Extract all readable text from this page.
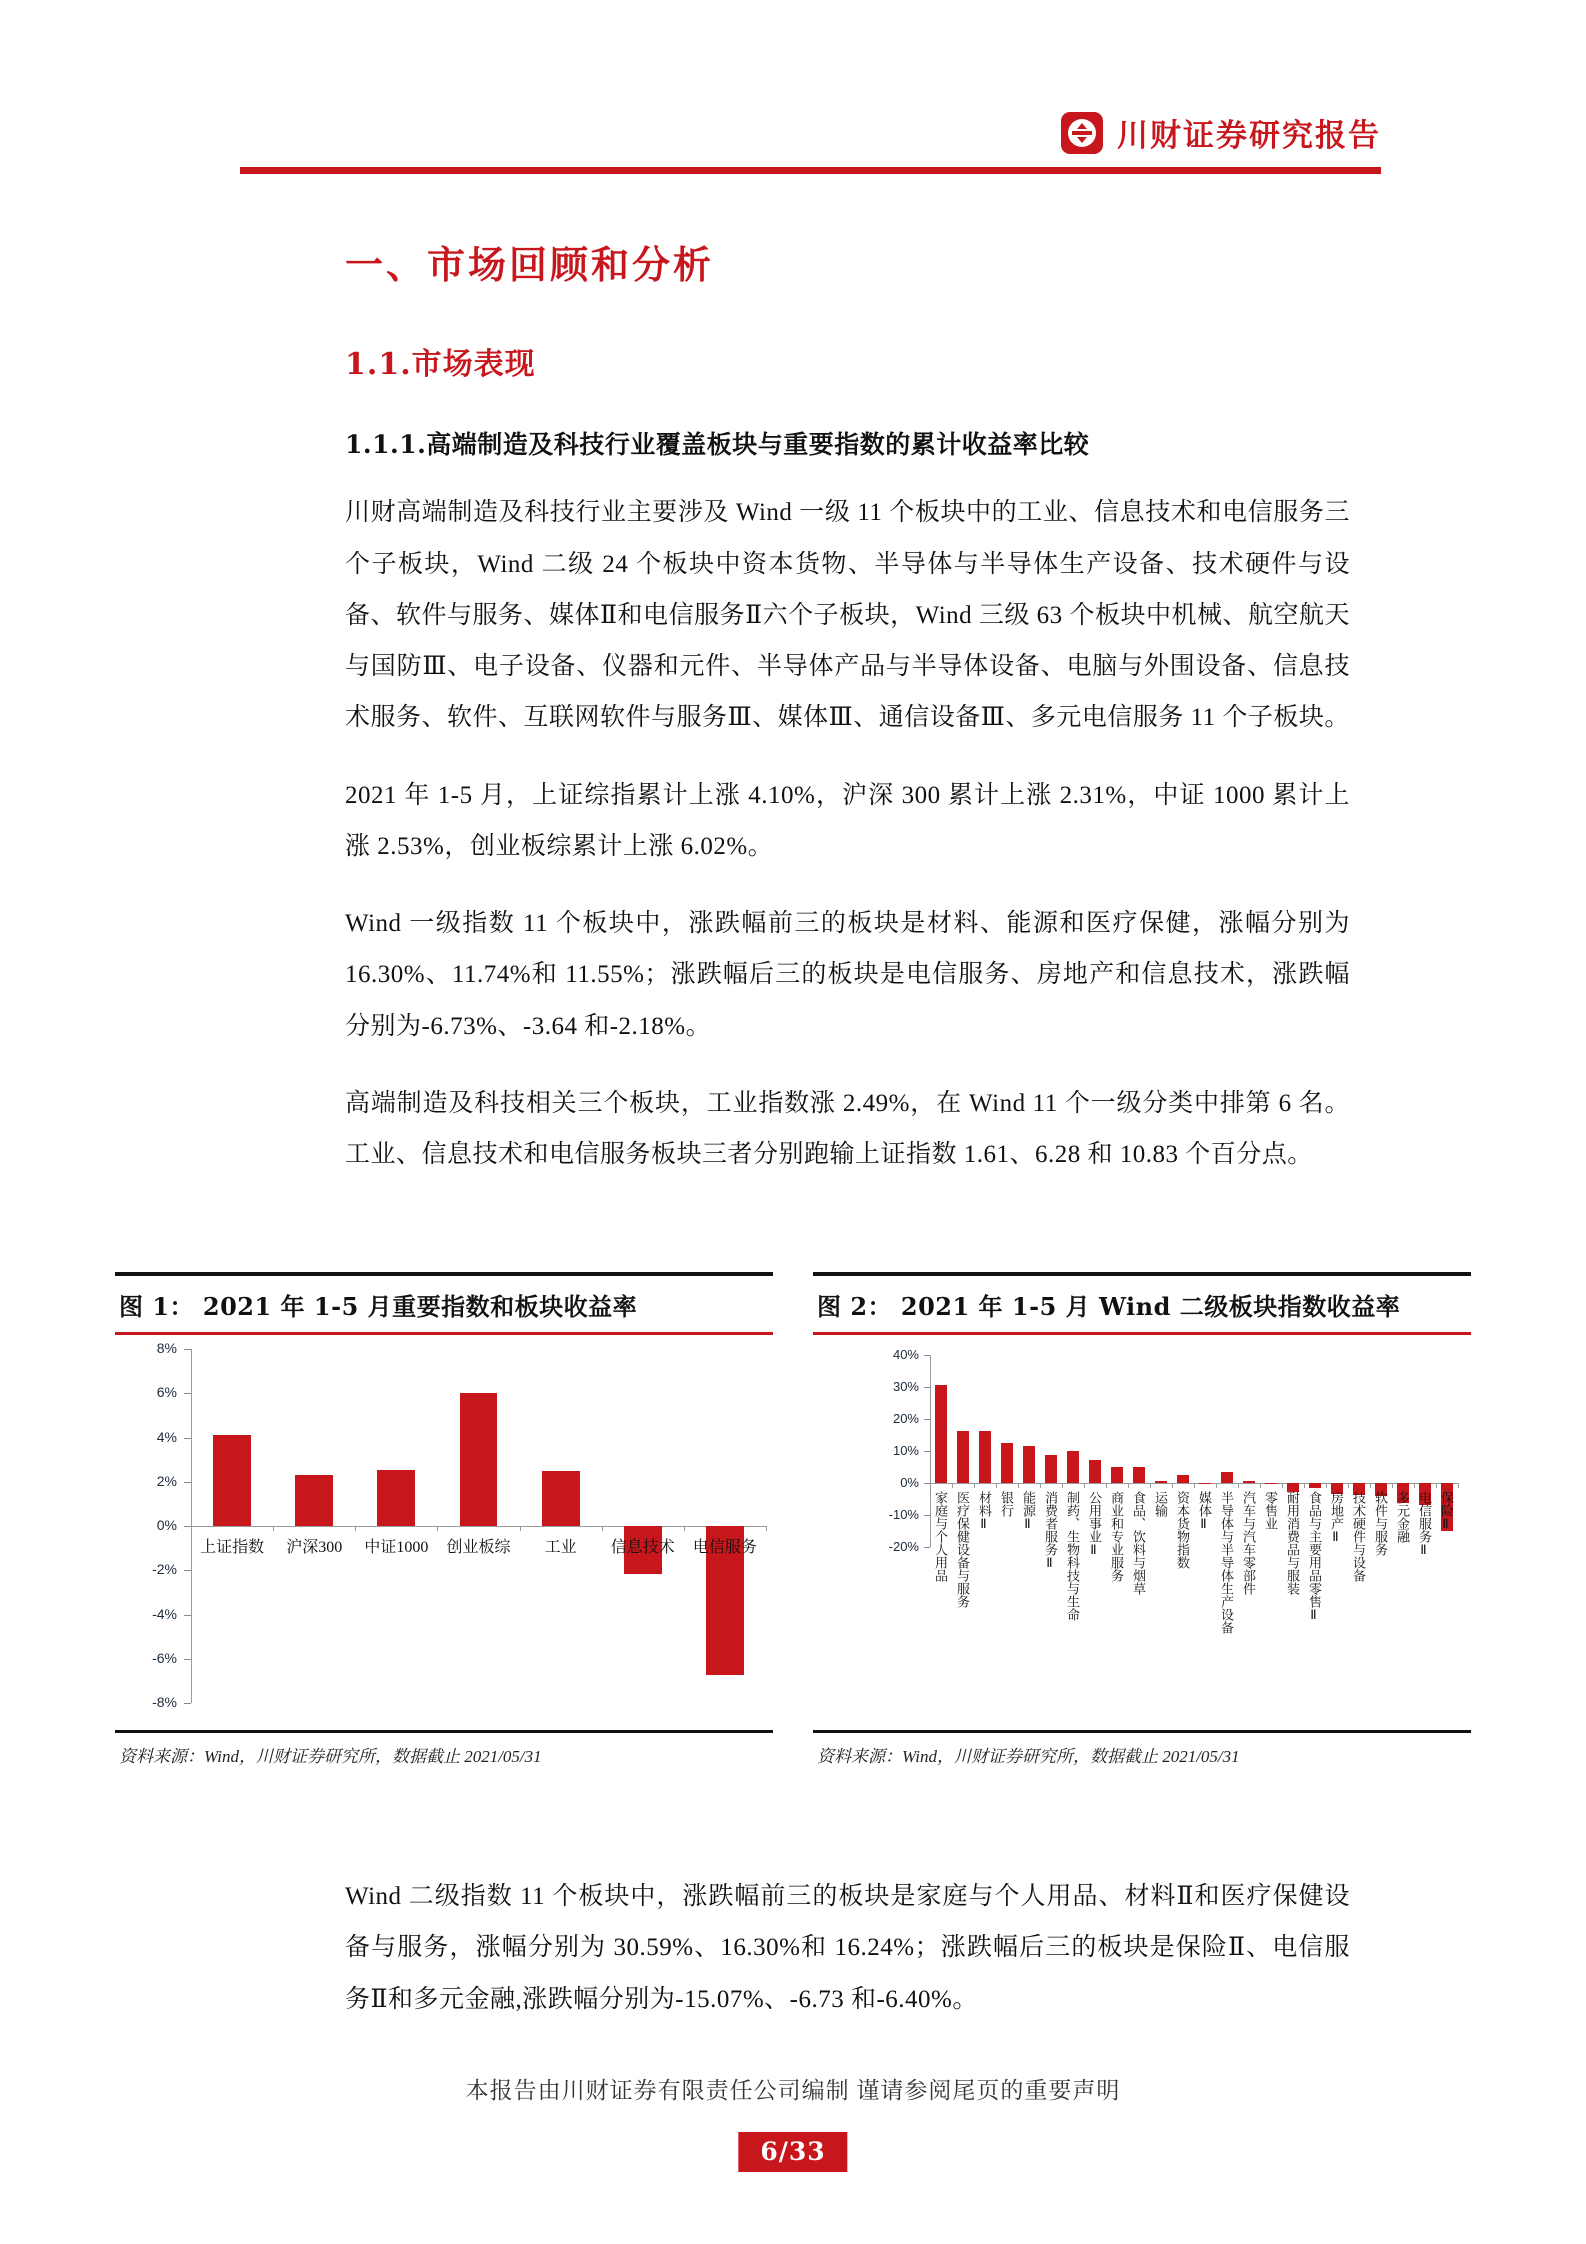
川财证券研究报告
一、市场回顾和分析
1.1.市场表现
1.1.1.高端制造及科技行业覆盖板块与重要指数的累计收益率比较

川财高端制造及科技行业主要涉及 Wind 一级 11 个板块中的工业、信息技术和电信服务三个子板块，Wind 二级 24 个板块中资本货物、半导体与半导体生产设备、技术硬件与设备、软件与服务、媒体Ⅱ和电信服务Ⅱ六个子板块，Wind 三级 63 个板块中机械、航空航天与国防Ⅲ、电子设备、仪器和元件、半导体产品与半导体设备、电脑与外围设备、信息技术服务、软件、互联网软件与服务Ⅲ、媒体Ⅲ、通信设备Ⅲ、多元电信服务 11 个子板块。

2021 年 1-5 月，上证综指累计上涨 4.10%，沪深 300 累计上涨 2.31%，中证 1000 累计上涨 2.53%，创业板综累计上涨 6.02%。

Wind 一级指数 11 个板块中，涨跌幅前三的板块是材料、能源和医疗保健，涨幅分别为 16.30%、11.74%和 11.55%；涨跌幅后三的板块是电信服务、房地产和信息技术，涨跌幅分别为-6.73%、-3.64 和-2.18%。

高端制造及科技相关三个板块，工业指数涨 2.49%，在 Wind 11 个一级分类中排第 6 名。工业、信息技术和电信服务板块三者分别跑输上证指数 1.61、6.28 和 10.83 个百分点。

图 1： 2021 年 1-5 月重要指数和板块收益率
8%
6%
4%
2%
0%
-2%
-4%
-6%
-8%
上证指数	沪深300	中证1000	创业板综	工业	信息技术	电信服务
资料来源：Wind，川财证券研究所，数据截止 2021/05/31
图 2： 2021 年 1-5 月 Wind 二级板块指数收益率
40%
30%
20%
10%
0%
-10%
-20% 家庭与个人用品 医疗保健设备与服务 材料Ⅱ 银行 能源Ⅱ 消费者服务Ⅱ 制药、生物科技与生命 公用事业Ⅱ 商业和专业服务 食品、饮料与烟草 运输 资本货物指数 媒体Ⅱ 半导体与半导体生产设备 汽车与汽车零部件 零售业 耐用消费品与服装 食品与主要用品零售Ⅱ 房地产Ⅱ 技术硬件与设备 软件与服务 多元金融 电信服务Ⅱ 保险Ⅱ
资料来源：Wind，川财证券研究所，数据截止 2021/05/31

Wind 二级指数 11 个板块中，涨跌幅前三的板块是家庭与个人用品、材料Ⅱ和医疗保健设备与服务，涨幅分别为 30.59%、16.30%和 16.24%；涨跌幅后三的板块是保险Ⅱ、电信服务Ⅱ和多元金融,涨跌幅分别为-15.07%、-6.73 和-6.40%。

本报告由川财证券有限责任公司编制 谨请参阅尾页的重要声明
6/33
